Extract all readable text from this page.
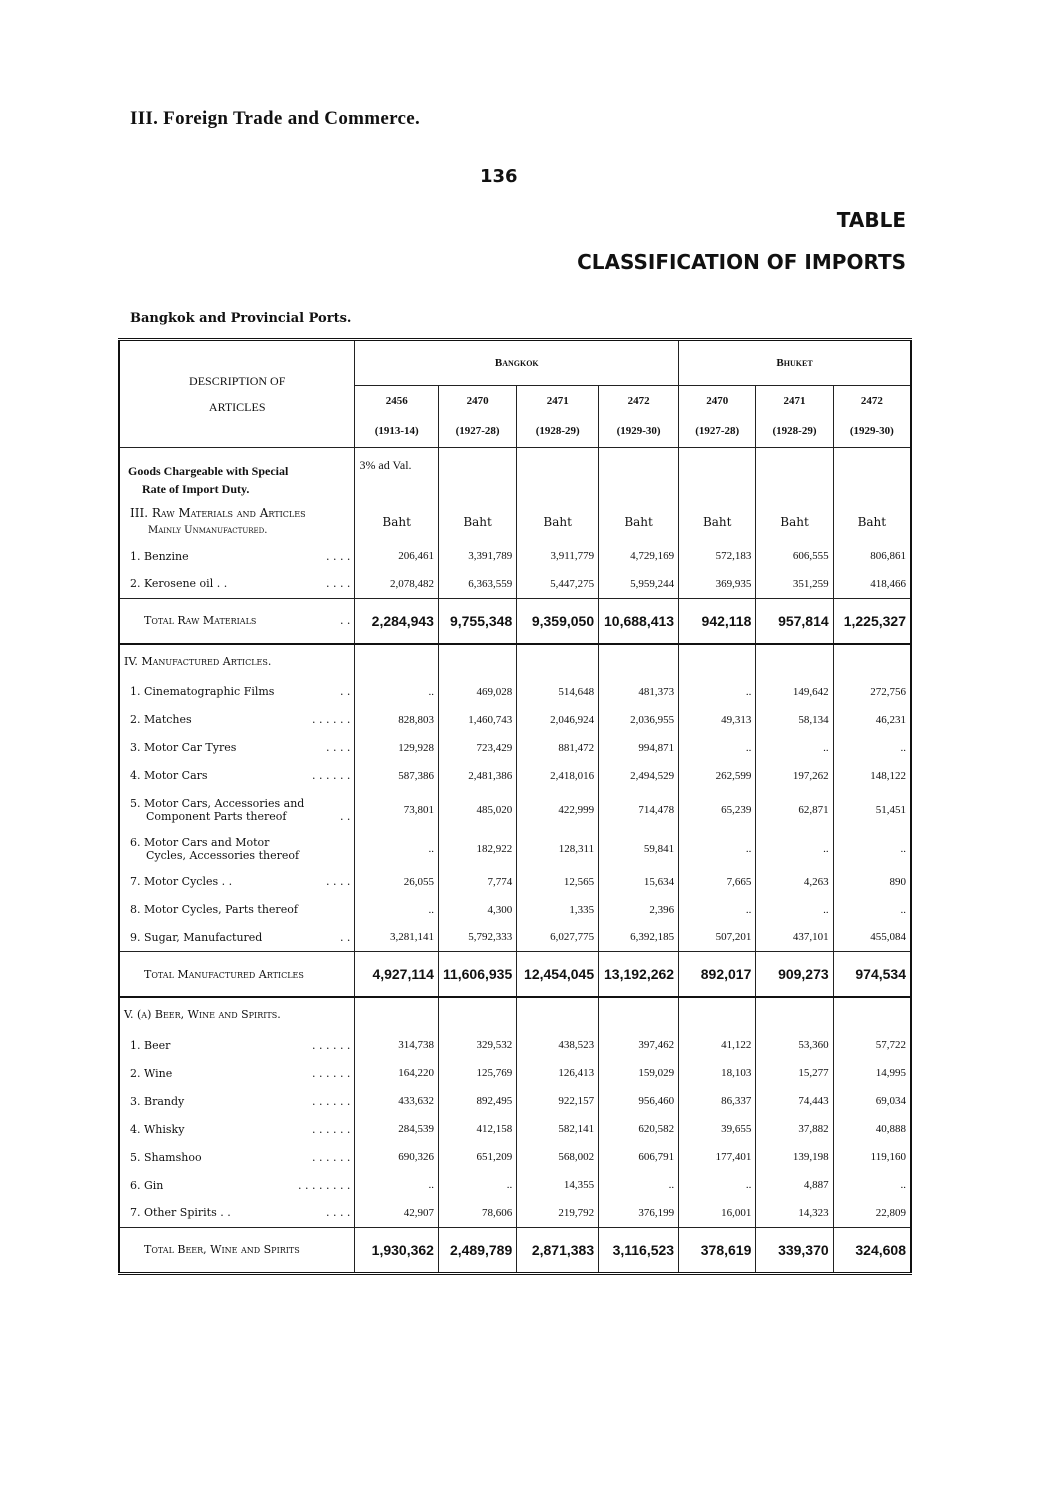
III. Foreign Trade and Commerce.
136
TABLE
CLASSIFICATION OF IMPORTS
Bangkok and Provincial Ports.
DESCRIPTION OF
ARTICLES	Bangkok				Bhuket		
	2456	2470	2471	2472	2470	2471	2472
	(1913-14)	(1927-28)	(1928-29)	(1929-30)	(1927-28)	(1928-29)	(1929-30)

Goods Chargeable with Special
Rate of Import Duty.	3% ad Val.						

III. Raw Materials and Articles
Mainly Unmanufactured.	Baht	Baht	Baht	Baht	Baht	Baht	Baht
1. Benzine . . . .	206,461	3,391,789	3,911,779	4,729,169	572,183	606,555	806,861
2. Kerosene oil . . . . . .	2,078,482	6,363,559	5,447,275	5,959,244	369,935	351,259	418,466
Total Raw Materials . .	2,284,943	9,755,348	9,359,050	10,688,413	942,118	957,814	1,225,327
IV. Manufactured Articles.							
1. Cinematographic Films . .	..	469,028	514,648	481,373	..	149,642	272,756
2. Matches . . . . . .	828,803	1,460,743	2,046,924	2,036,955	49,313	58,134	46,231
3. Motor Car Tyres . . . .	129,928	723,429	881,472	994,871	..	..	..
4. Motor Cars . . . . . .	587,386	2,481,386	2,418,016	2,494,529	262,599	197,262	148,122

5. Motor Cars, Accessories and
Component Parts thereof . .	73,801	485,020	422,999	714,478	65,239	62,871	51,451

6. Motor Cars and Motor
Cycles, Accessories thereof	..	182,922	128,311	59,841	..	..	..
7. Motor Cycles . . . . . .	26,055	7,774	12,565	15,634	7,665	4,263	890
8. Motor Cycles, Parts thereof	..	4,300	1,335	2,396	..	..	..
9. Sugar, Manufactured . .	3,281,141	5,792,333	6,027,775	6,392,185	507,201	437,101	455,084
Total Manufactured Articles	4,927,114	11,606,935	12,454,045	13,192,262	892,017	909,273	974,534
V. (a) Beer, Wine and Spirits.							
1. Beer . . . . . .	314,738	329,532	438,523	397,462	41,122	53,360	57,722
2. Wine . . . . . .	164,220	125,769	126,413	159,029	18,103	15,277	14,995
3. Brandy . . . . . .	433,632	892,495	922,157	956,460	86,337	74,443	69,034
4. Whisky . . . . . .	284,539	412,158	582,141	620,582	39,655	37,882	40,888
5. Shamshoo . . . . . .	690,326	651,209	568,002	606,791	177,401	139,198	119,160
6. Gin . . . . . . . .	..	..	14,355	..	..	4,887	..
7. Other Spirits . . . . . .	42,907	78,606	219,792	376,199	16,001	14,323	22,809
Total Beer, Wine and Spirits	1,930,362	2,489,789	2,871,383	3,116,523	378,619	339,370	324,608
